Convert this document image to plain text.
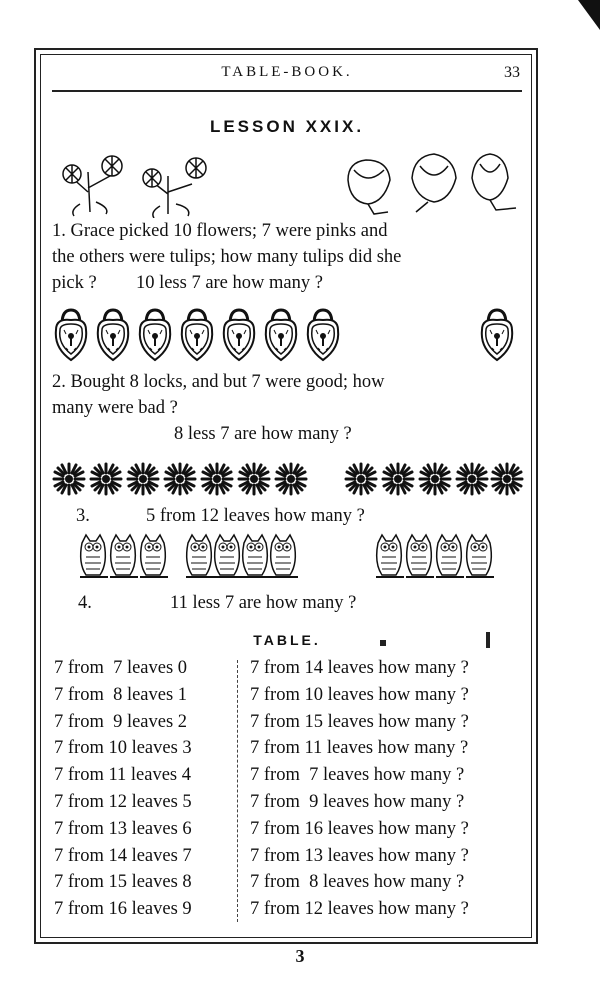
TABLE-BOOK.	33
LESSON XXIX.
1. Grace picked 10 flowers; 7 were pinks and
the others were tulips; how many tulips did she
pick ? 10 less 7 are how many ?
2. Bought 8 locks, and but 7 were good; how
many were bad ?
8 less 7 are how many ?
3.	5 from 12 leaves how many ?
4.	11 less 7 are how many ?
TABLE.
7 from  7 leaves 0
7 from  8 leaves 1
7 from  9 leaves 2
7 from 10 leaves 3
7 from 11 leaves 4
7 from 12 leaves 5
7 from 13 leaves 6
7 from 14 leaves 7
7 from 15 leaves 8
7 from 16 leaves 9
7 from 14 leaves how many ?
7 from 10 leaves how many ?
7 from 15 leaves how many ?
7 from 11 leaves how many ?
7 from  7 leaves how many ?
7 from  9 leaves how many ?
7 from 16 leaves how many ?
7 from 13 leaves how many ?
7 from  8 leaves how many ?
7 from 12 leaves how many ?
3
